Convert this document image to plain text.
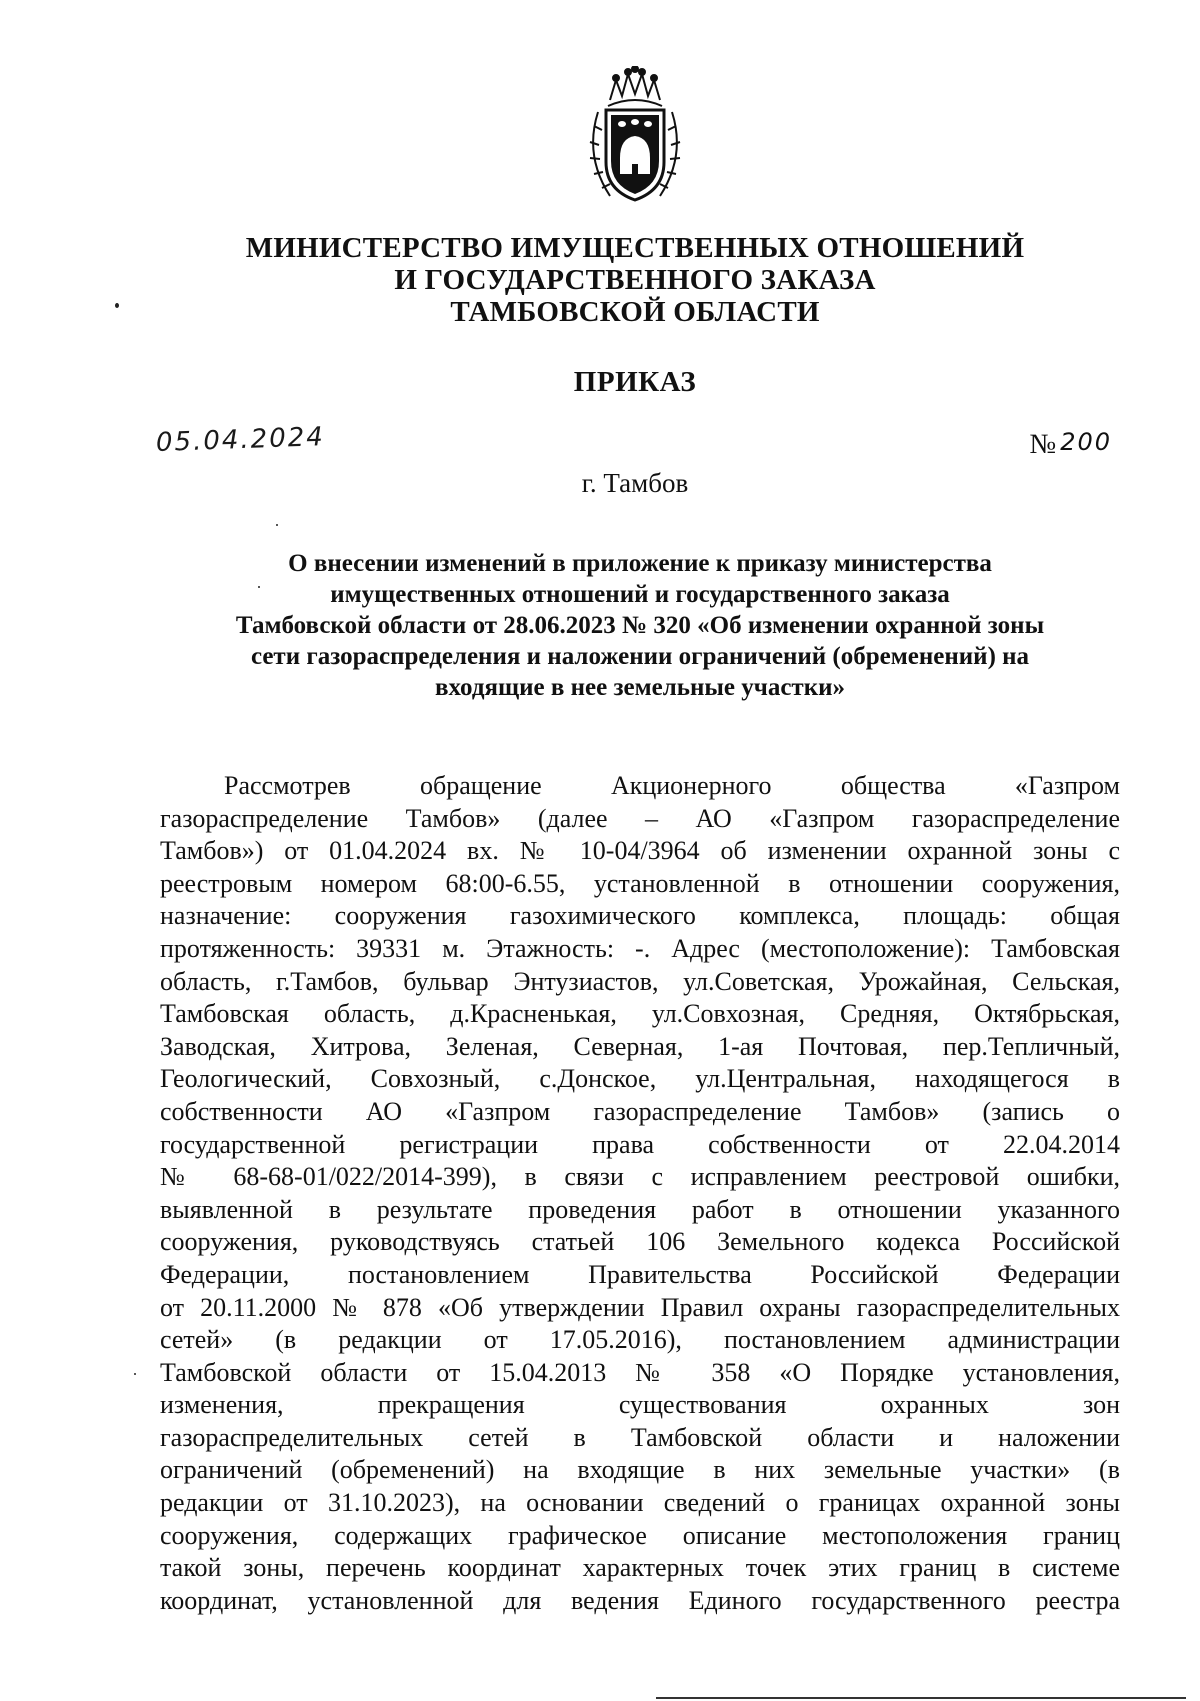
МИНИСТЕРСТВО ИМУЩЕСТВЕННЫХ ОТНОШЕНИЙ
И ГОСУДАРСТВЕННОГО ЗАКАЗА
ТАМБОВСКОЙ ОБЛАСТИ
ПРИКАЗ
05.04.2024	№ 200
г. Тамбов
О внесении изменений в приложение к приказу министерства
имущественных отношений и государственного заказа
Тамбовской области от 28.06.2023 № 320 «Об изменении охранной зоны
сети газораспределения и наложении ограничений (обременений) на
входящие в нее земельные участки»
Рассмотрев обращение Акционерного общества «Газпром
газораспределение Тамбов» (далее – АО «Газпром газораспределение
Тамбов») от 01.04.2024 вх. № 10-04/3964 об изменении охранной зоны с
реестровым номером 68:00-6.55, установленной в отношении сооружения,
назначение: сооружения газохимического комплекса, площадь: общая
протяженность: 39331 м. Этажность: -. Адрес (местоположение): Тамбовская
область, г.Тамбов, бульвар Энтузиастов, ул.Советская, Урожайная, Сельская,
Тамбовская область, д.Красненькая, ул.Совхозная, Средняя, Октябрьская,
Заводская, Хитрова, Зеленая, Северная, 1-ая Почтовая, пер.Тепличный,
Геологический, Совхозный, с.Донское, ул.Центральная, находящегося в
собственности АО «Газпром газораспределение Тамбов» (запись о
государственной регистрации права собственности от 22.04.2014
№ 68-68-01/022/2014-399), в связи с исправлением реестровой ошибки,
выявленной в результате проведения работ в отношении указанного
сооружения, руководствуясь статьей 106 Земельного кодекса Российской
Федерации, постановлением Правительства Российской Федерации
от 20.11.2000 № 878 «Об утверждении Правил охраны газораспределительных
сетей» (в редакции от 17.05.2016), постановлением администрации
Тамбовской области от 15.04.2013 № 358 «О Порядке установления,
изменения, прекращения существования охранных зон
газораспределительных сетей в Тамбовской области и наложении
ограничений (обременений) на входящие в них земельные участки» (в
редакции от 31.10.2023), на основании сведений о границах охранной зоны
сооружения, содержащих графическое описание местоположения границ
такой зоны, перечень координат характерных точек этих границ в системе
координат, установленной для ведения Единого государственного реестра
